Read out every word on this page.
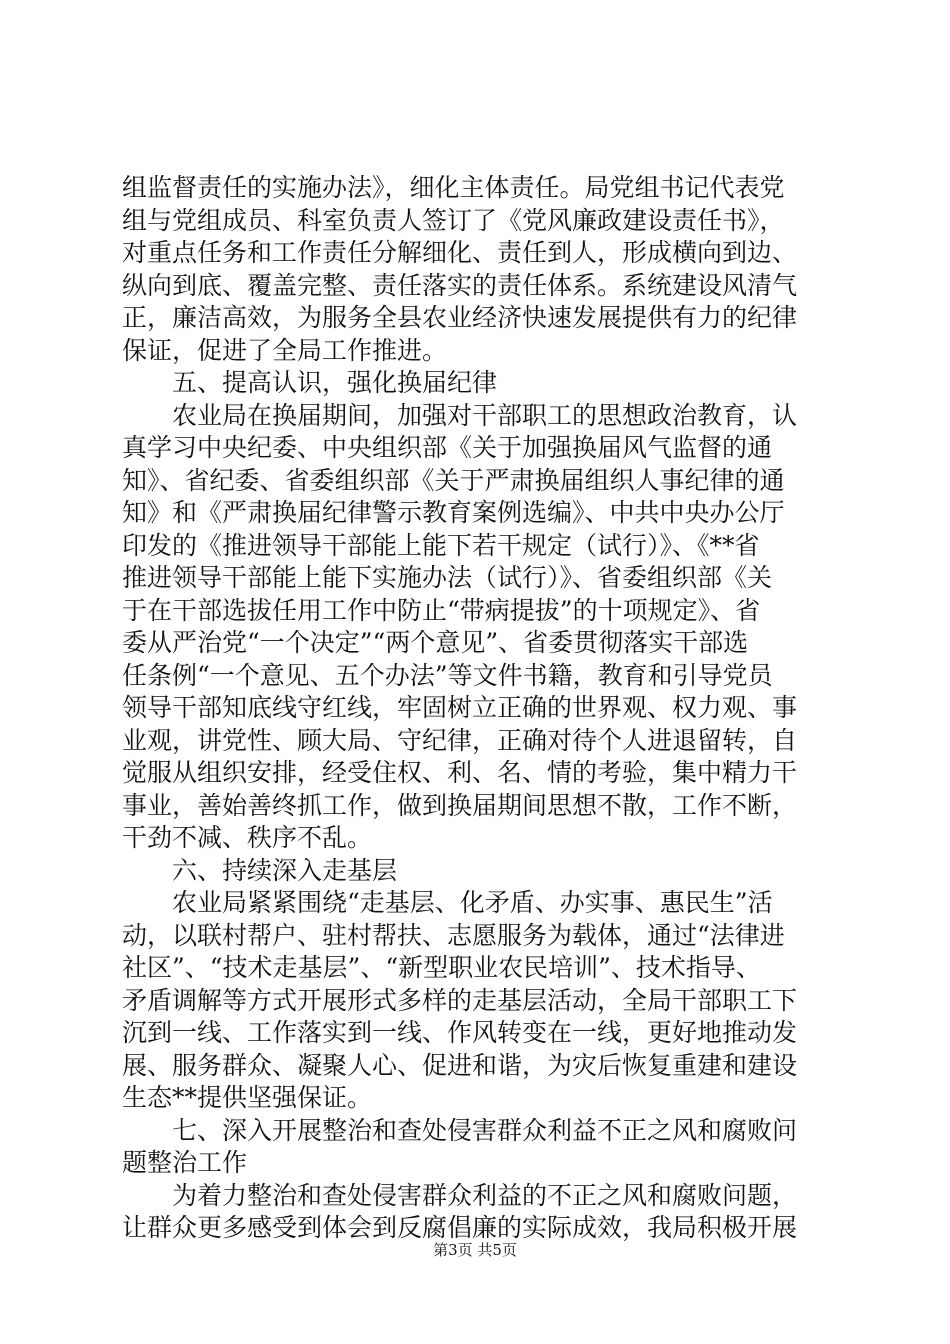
组监督责任的实施办法》，细化主体责任。局党组书记代表党
组与党组成员、科室负责人签订了《党风廉政建设责任书》，
对重点任务和工作责任分解细化、责任到人，形成横向到边、
纵向到底、覆盖完整、责任落实的责任体系。系统建设风清气
正，廉洁高效，为服务全县农业经济快速发展提供有力的纪律
保证，促进了全局工作推进。
五、提高认识，强化换届纪律
农业局在换届期间，加强对干部职工的思想政治教育，认
真学习中央纪委、中央组织部《关于加强换届风气监督的通
知》、省纪委、省委组织部《关于严肃换届组织人事纪律的通
知》和《严肃换届纪律警示教育案例选编》、中共中央办公厅
印发的《推进领导干部能上能下若干规定（试行）》、《**省
推进领导干部能上能下实施办法（试行）》、省委组织部《关
于在干部选拔任用工作中防止“带病提拔”的十项规定》、省
委从严治党“一个决定”“两个意见”、省委贯彻落实干部选
任条例“一个意见、五个办法”等文件书籍，教育和引导党员
领导干部知底线守红线，牢固树立正确的世界观、权力观、事
业观，讲党性、顾大局、守纪律，正确对待个人进退留转，自
觉服从组织安排，经受住权、利、名、情的考验，集中精力干
事业，善始善终抓工作，做到换届期间思想不散，工作不断，
干劲不减、秩序不乱。
六、持续深入走基层
农业局紧紧围绕“走基层、化矛盾、办实事、惠民生”活
动，以联村帮户、驻村帮扶、志愿服务为载体，通过“法律进
社区”、“技术走基层”、“新型职业农民培训”、技术指导、
矛盾调解等方式开展形式多样的走基层活动，全局干部职工下
沉到一线、工作落实到一线、作风转变在一线，更好地推动发
展、服务群众、凝聚人心、促进和谐，为灾后恢复重建和建设
生态**提供坚强保证。
七、深入开展整治和查处侵害群众利益不正之风和腐败问
题整治工作
为着力整治和查处侵害群众利益的不正之风和腐败问题，
让群众更多感受到体会到反腐倡廉的实际成效，我局积极开展
第3页 共5页
